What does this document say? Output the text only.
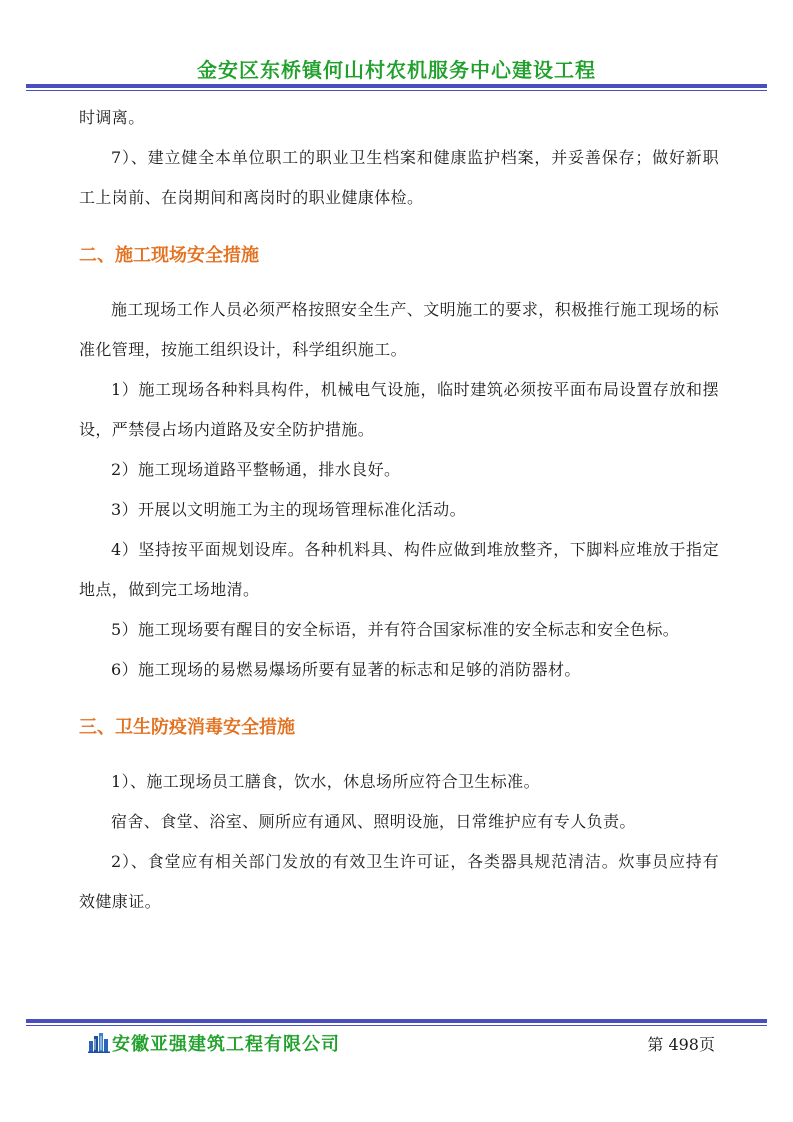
金安区东桥镇何山村农机服务中心建设工程

时调离。

7）、建立健全本单位职工的职业卫生档案和健康监护档案，并妥善保存；做好新职工上岗前、在岗期间和离岗时的职业健康体检。

二、施工现场安全措施

施工现场工作人员必须严格按照安全生产、文明施工的要求，积极推行施工现场的标准化管理，按施工组织设计，科学组织施工。

1）施工现场各种料具构件，机械电气设施，临时建筑必须按平面布局设置存放和摆设，严禁侵占场内道路及安全防护措施。

2）施工现场道路平整畅通，排水良好。

3）开展以文明施工为主的现场管理标准化活动。

4）坚持按平面规划设库。各种机料具、构件应做到堆放整齐，下脚料应堆放于指定地点，做到完工场地清。

5）施工现场要有醒目的安全标语，并有符合国家标准的安全标志和安全色标。

6）施工现场的易燃易爆场所要有显著的标志和足够的消防器材。

三、卫生防疫消毒安全措施

1）、施工现场员工膳食，饮水，休息场所应符合卫生标准。

宿舍、食堂、浴室、厕所应有通风、照明设施，日常维护应有专人负责。

2）、食堂应有相关部门发放的有效卫生许可证，各类器具规范清洁。炊事员应持有效健康证。

安徽亚强建筑工程有限公司	第 498页
